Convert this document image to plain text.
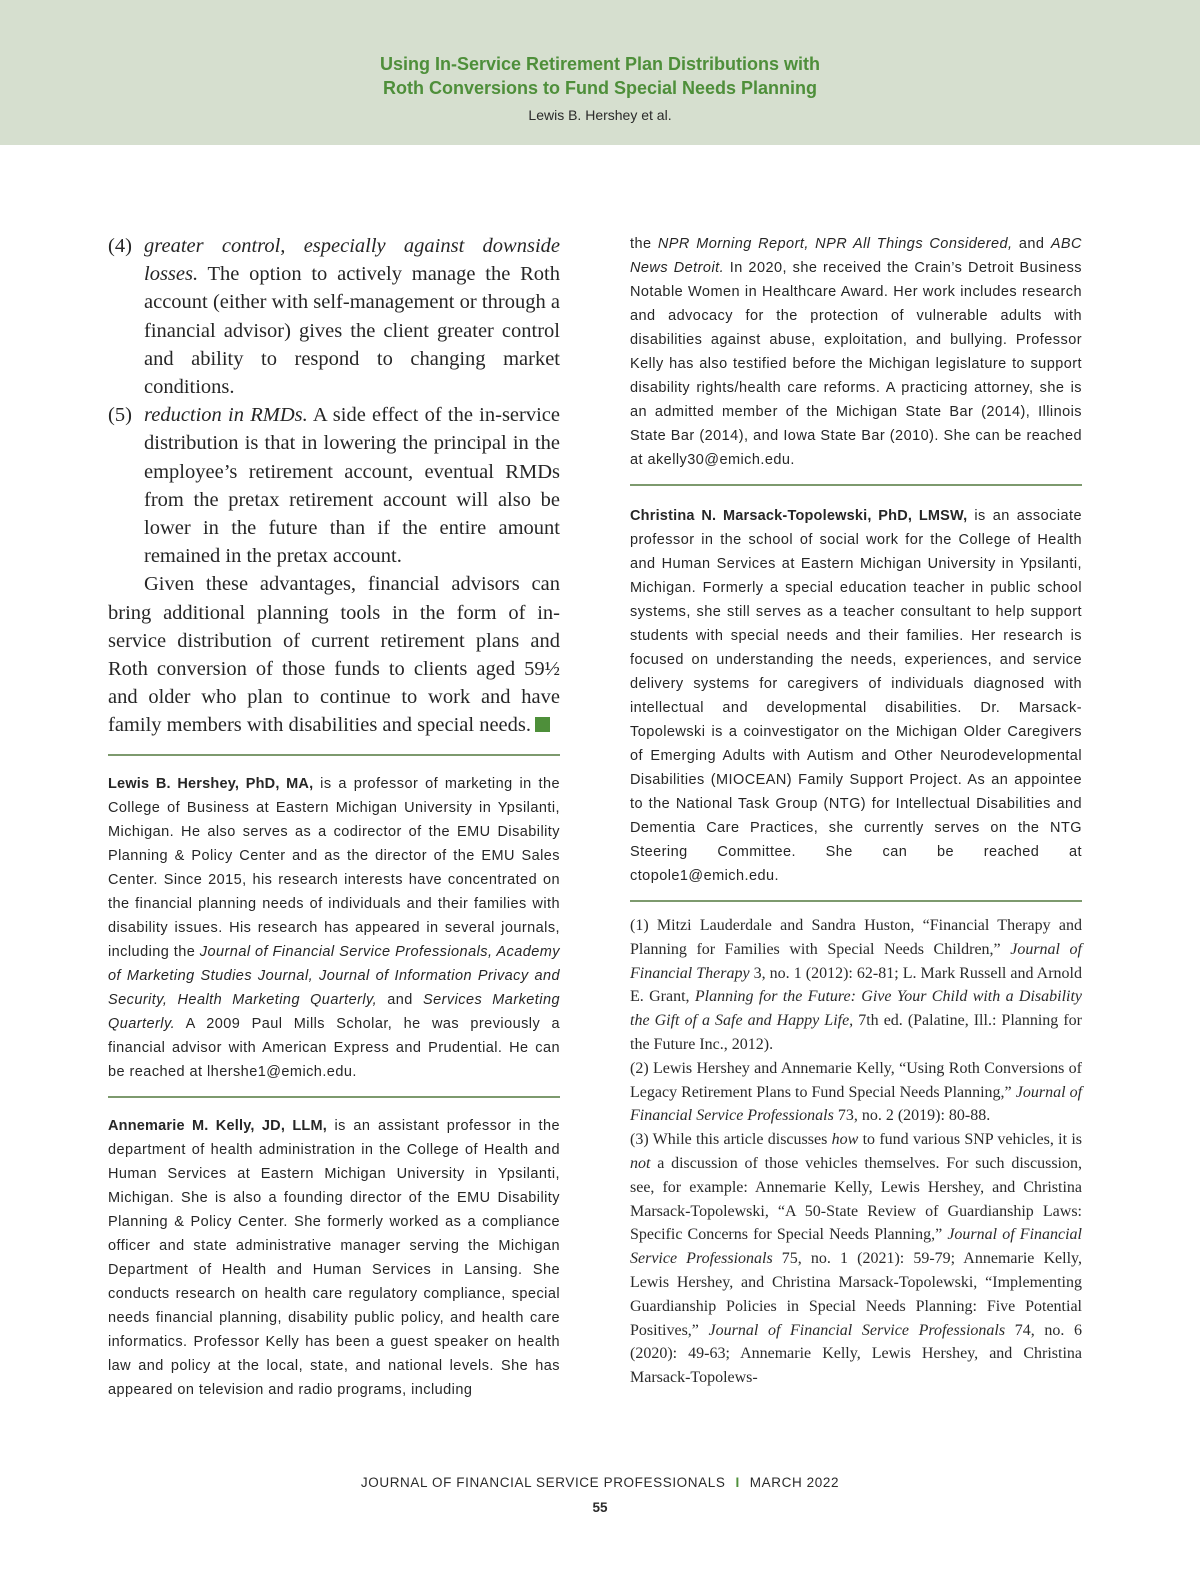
Using In-Service Retirement Plan Distributions with
Roth Conversions to Fund Special Needs Planning
Lewis B. Hershey et al.
(4) greater control, especially against downside losses. The option to actively manage the Roth account (either with self-management or through a financial advisor) gives the client greater control and ability to respond to changing market conditions.
(5) reduction in RMDs. A side effect of the in-service distribution is that in lowering the principal in the employee’s retirement account, eventual RMDs from the pretax retirement account will also be lower in the future than if the entire amount remained in the pretax account.

Given these advantages, financial advisors can bring additional planning tools in the form of in-service distribution of current retirement plans and Roth conversion of those funds to clients aged 59½ and older who plan to continue to work and have family members with disabilities and special needs.

Lewis B. Hershey, PhD, MA, is a professor of marketing in the College of Business at Eastern Michigan University in Ypsilanti, Michigan. He also serves as a codirector of the EMU Disability Planning & Policy Center and as the director of the EMU Sales Center. Since 2015, his research interests have concentrated on the financial planning needs of individuals and their families with disability issues. His research has appeared in several journals, including the Journal of Financial Service Professionals, Academy of Marketing Studies Journal, Journal of Information Privacy and Security, Health Marketing Quarterly, and Services Marketing Quarterly. A 2009 Paul Mills Scholar, he was previously a financial advisor with American Express and Prudential. He can be reached at lhershe1@emich.edu.

Annemarie M. Kelly, JD, LLM, is an assistant professor in the department of health administration in the College of Health and Human Services at Eastern Michigan University in Ypsilanti, Michigan. She is also a founding director of the EMU Disability Planning & Policy Center. She formerly worked as a compliance officer and state administrative manager serving the Michigan Department of Health and Human Services in Lansing. She conducts research on health care regulatory compliance, special needs financial planning, disability public policy, and health care informatics. Professor Kelly has been a guest speaker on health law and policy at the local, state, and national levels. She has appeared on television and radio programs, including

the NPR Morning Report, NPR All Things Considered, and ABC News Detroit. In 2020, she received the Crain’s Detroit Business Notable Women in Healthcare Award. Her work includes research and advocacy for the protection of vulnerable adults with disabilities against abuse, exploitation, and bullying. Professor Kelly has also testified before the Michigan legislature to support disability rights/health care reforms. A practicing attorney, she is an admitted member of the Michigan State Bar (2014), Illinois State Bar (2014), and Iowa State Bar (2010). She can be reached at akelly30@emich.edu.

Christina N. Marsack-Topolewski, PhD, LMSW, is an associate professor in the school of social work for the College of Health and Human Services at Eastern Michigan University in Ypsilanti, Michigan. Formerly a special education teacher in public school systems, she still serves as a teacher consultant to help support students with special needs and their families. Her research is focused on understanding the needs, experiences, and service delivery systems for caregivers of individuals diagnosed with intellectual and developmental disabilities. Dr. Marsack-Topolewski is a coinvestigator on the Michigan Older Caregivers of Emerging Adults with Autism and Other Neurodevelopmental Disabilities (MIOCEAN) Family Support Project. As an appointee to the National Task Group (NTG) for Intellectual Disabilities and Dementia Care Practices, she currently serves on the NTG Steering Committee. She can be reached at ctopole1@emich.edu.

(1) Mitzi Lauderdale and Sandra Huston, “Financial Therapy and Planning for Families with Special Needs Children,” Journal of Financial Therapy 3, no. 1 (2012): 62-81; L. Mark Russell and Arnold E. Grant, Planning for the Future: Give Your Child with a Disability the Gift of a Safe and Happy Life, 7th ed. (Palatine, Ill.: Planning for the Future Inc., 2012).

(2) Lewis Hershey and Annemarie Kelly, “Using Roth Conversions of Legacy Retirement Plans to Fund Special Needs Planning,” Journal of Financial Service Professionals 73, no. 2 (2019): 80-88.

(3) While this article discusses how to fund various SNP vehicles, it is not a discussion of those vehicles themselves. For such discussion, see, for example: Annemarie Kelly, Lewis Hershey, and Christina Marsack-Topolewski, “A 50-State Review of Guardianship Laws: Specific Concerns for Special Needs Planning,” Journal of Financial Service Professionals 75, no. 1 (2021): 59-79; Annemarie Kelly, Lewis Hershey, and Christina Marsack-Topolewski, “Implementing Guardianship Policies in Special Needs Planning: Five Potential Positives,” Journal of Financial Service Professionals 74, no. 6 (2020): 49-63; Annemarie Kelly, Lewis Hershey, and Christina Marsack-Topolews-

JOURNAL OF FINANCIAL SERVICE PROFESSIONALS I MARCH 2022
55
